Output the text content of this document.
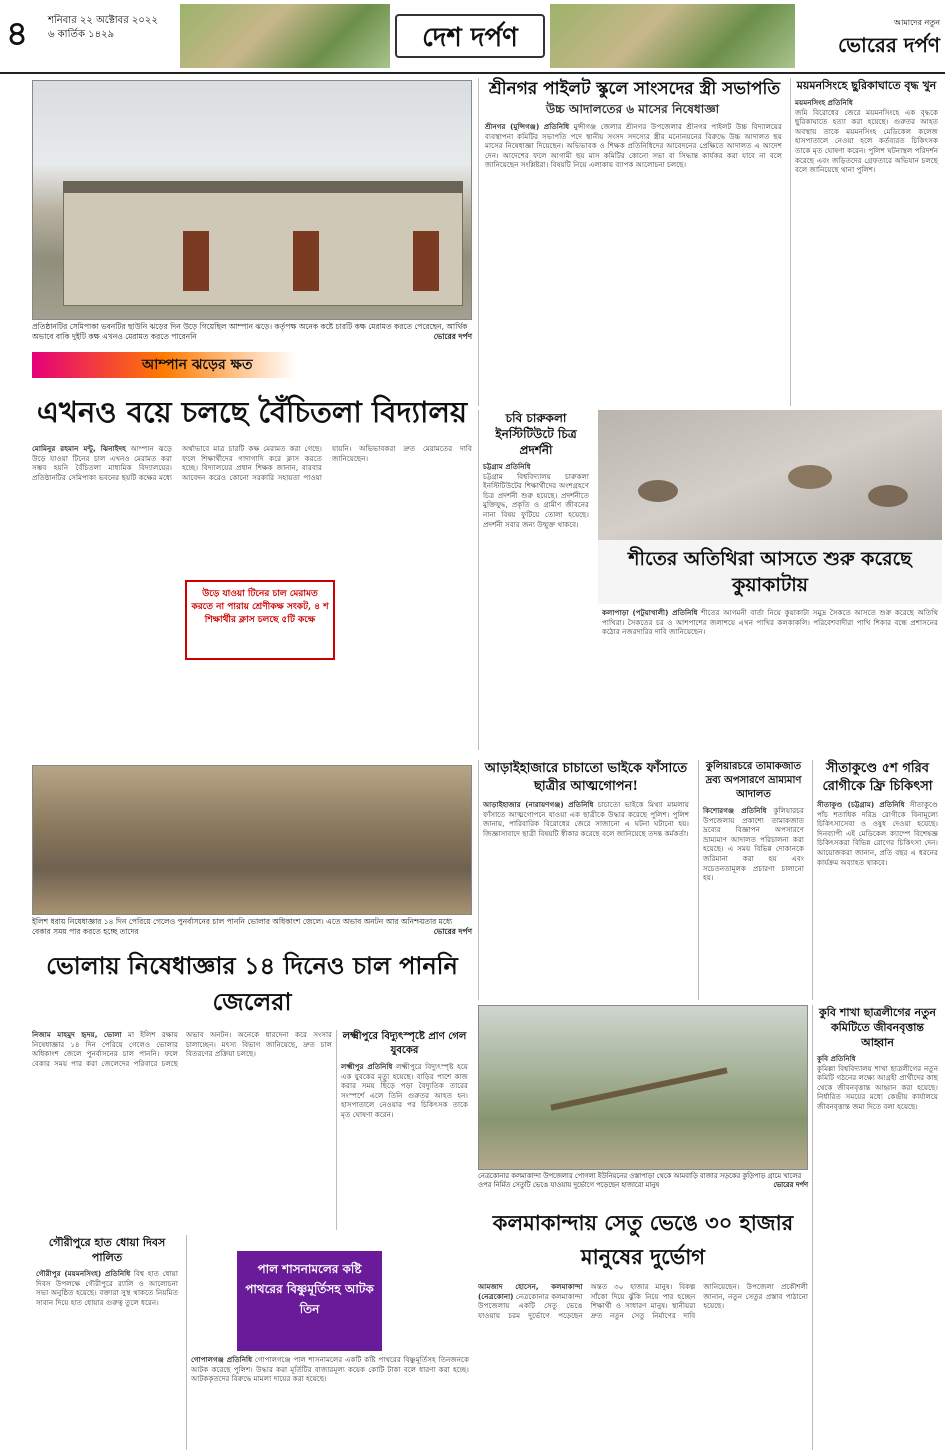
৪	শনিবার ২২ অক্টোবর ২০২২
৬ কার্তিক ১৪২৯	দেশ দর্পণ
আমাদের নতুন
ভোরের দর্পণ
প্রতিষ্ঠানটির সেমিপাকা ভবনটির ছাউনি ঝড়ের দিন উড়ে গিয়েছিল আম্পান ঝড়ে। কর্তৃপক্ষ অনেক কষ্টে চারটি কক্ষ মেরামত করতে পেরেছেন, আর্থিক অভাবে বাকি দুইটি কক্ষ এখনও মেরামত করতে পারেননি	ভোরের দর্পণ
শ্রীনগর পাইলট স্কুলে সাংসদের স্ত্রী সভাপতি
উচ্চ আদালতের ৬ মাসের নিষেধাজ্ঞা
শ্রীনগর (মুন্সিগঞ্জ) প্রতিনিধি মুন্সীগঞ্জ জেলার শ্রীনগর উপজেলার শ্রীনগর পাইলট উচ্চ বিদ্যালয়ের ব্যবস্থাপনা কমিটির সভাপতি পদে স্থানীয় সংসদ সদস্যের স্ত্রীর মনোনয়নের বিরুদ্ধে উচ্চ আদালত ছয় মাসের নিষেধাজ্ঞা দিয়েছেন। অভিভাবক ও শিক্ষক প্রতিনিধিদের আবেদনের প্রেক্ষিতে আদালত এ আদেশ দেন। আদেশের ফলে আগামী ছয় মাস কমিটির কোনো সভা বা সিদ্ধান্ত কার্যকর করা যাবে না বলে জানিয়েছেন সংশ্লিষ্টরা। বিষয়টি নিয়ে এলাকায় ব্যাপক আলোচনা চলছে।
ময়মনসিংহে ছুরিকাঘাতে বৃদ্ধ খুন
ময়মনসিংহ প্রতিনিধি
জমি বিরোধের জেরে ময়মনসিংহে এক বৃদ্ধকে ছুরিকাঘাতে হত্যা করা হয়েছে। গুরুতর আহত অবস্থায় তাকে ময়মনসিংহ মেডিকেল কলেজ হাসপাতালে নেওয়া হলে কর্তব্যরত চিকিৎসক তাকে মৃত ঘোষণা করেন। পুলিশ ঘটনাস্থল পরিদর্শন করেছে এবং জড়িতদের গ্রেফতারে অভিযান চলছে বলে জানিয়েছে থানা পুলিশ।
চবি চারুকলা ইনস্টিটিউটে চিত্র প্রদর্শনী
চট্টগ্রাম প্রতিনিধি
চট্টগ্রাম বিশ্ববিদ্যালয় চারুকলা ইনস্টিটিউটের শিক্ষার্থীদের অংশগ্রহণে চিত্র প্রদর্শনী শুরু হয়েছে। প্রদর্শনীতে মুক্তিযুদ্ধ, প্রকৃতি ও গ্রামীণ জীবনের নানা বিষয় ফুটিয়ে তোলা হয়েছে। প্রদর্শনী সবার জন্য উন্মুক্ত থাকবে।
শীতের অতিথিরা আসতে শুরু করেছে কুয়াকাটায়
কলাপাড়া (পটুয়াখালী) প্রতিনিধি শীতের আগমনী বার্তা নিয়ে কুয়াকাটা সমুদ্র সৈকতে আসতে শুরু করেছে অতিথি পাখিরা। সৈকতের চর ও আশপাশের জলাশয়ে এখন পাখির কলকাকলি। পরিবেশবাদীরা পাখি শিকার বন্ধে প্রশাসনের কঠোর নজরদারির দাবি জানিয়েছেন।
আম্পান ঝড়ের ক্ষত
এখনও বয়ে চলছে বৈঁচিতলা বিদ্যালয়
মোমিনুর রহমান মন্টু, ঝিনাইদহ আম্পান ঝড়ে উড়ে যাওয়া টিনের চাল এখনও মেরামত করা সম্ভব হয়নি বৈঁচিতলা মাধ্যমিক বিদ্যালয়ের। প্রতিষ্ঠানটির সেমিপাকা ভবনের ছয়টি কক্ষের মধ্যে অর্থাভাবে মাত্র চারটি কক্ষ মেরামত করা গেছে। ফলে শিক্ষার্থীদের গাদাগাদি করে ক্লাস করতে হচ্ছে। বিদ্যালয়ের প্রধান শিক্ষক জানান, বারবার আবেদন করেও কোনো সরকারি সহায়তা পাওয়া যায়নি। অভিভাবকরা দ্রুত মেরামতের দাবি জানিয়েছেন।
উড়ে যাওয়া টিনের চাল মেরামত করতে না পারায় শ্রেণীকক্ষ সংকট, ৪ শ শিক্ষার্থীর ক্লাস চলছে ৫টি কক্ষে
ইলিশ ধরায় নিষেধাজ্ঞার ১৪ দিন পেরিয়ে গেলেও পুনর্বাসনের চাল পাননি ভোলার অধিকাংশ জেলে। এতে অভাব অনটন আর অনিশ্চয়তার মধ্যে বেকার সময় পার করতে হচ্ছে তাদের	ভোরের দর্পণ
আড়াইহাজারে চাচাতো ভাইকে ফাঁসাতে ছাত্রীর আত্মগোপন!
আড়াইহাজার (নারায়ণগঞ্জ) প্রতিনিধি চাচাতো ভাইকে মিথ্যা মামলায় ফাঁসাতে আত্মগোপনে যাওয়া এক ছাত্রীকে উদ্ধার করেছে পুলিশ। পুলিশ জানায়, পারিবারিক বিরোধের জেরে সাজানো এ ঘটনা ঘটানো হয়। জিজ্ঞাসাবাদে ছাত্রী বিষয়টি স্বীকার করেছে বলে জানিয়েছে তদন্ত কর্মকর্তা।
কুলিয়ারচরে তামাকজাত দ্রব্য অপসারণে ভ্রাম্যমাণ আদালত
কিশোরগঞ্জ প্রতিনিধি কুলিয়ারচর উপজেলায় প্রকাশ্যে তামাকজাত দ্রব্যের বিজ্ঞাপন অপসারণে ভ্রাম্যমাণ আদালত পরিচালনা করা হয়েছে। এ সময় বিভিন্ন দোকানকে জরিমানা করা হয় এবং সচেতনতামূলক প্রচারণা চালানো হয়।
সীতাকুণ্ডে ৫শ গরিব রোগীকে ফ্রি চিকিৎসা
সীতাকুণ্ড (চট্টগ্রাম) প্রতিনিধি সীতাকুণ্ডে পাঁচ শতাধিক দরিদ্র রোগীকে বিনামূল্যে চিকিৎসাসেবা ও ওষুধ দেওয়া হয়েছে। দিনব্যাপী এই মেডিকেল ক্যাম্পে বিশেষজ্ঞ চিকিৎসকরা বিভিন্ন রোগের চিকিৎসা দেন। আয়োজকরা জানান, প্রতি বছর এ ধরনের কার্যক্রম অব্যাহত থাকবে।
ভোলায় নিষেধাজ্ঞার ১৪ দিনেও চাল পাননি জেলেরা
নিজাম মাহমুদ হৃদয়, ভোলা মা ইলিশ রক্ষায় নিষেধাজ্ঞার ১৪ দিন পেরিয়ে গেলেও ভোলার অধিকাংশ জেলে পুনর্বাসনের চাল পাননি। ফলে বেকার সময় পার করা জেলেদের পরিবারে চলছে অভাব অনটন। অনেকে ধারদেনা করে সংসার চালাচ্ছেন। মৎস্য বিভাগ জানিয়েছে, দ্রুত চাল বিতরণের প্রক্রিয়া চলছে।
লক্ষ্মীপুরে বিদ্যুৎস্পৃষ্টে প্রাণ গেল যুবকের
লক্ষ্মীপুর প্রতিনিধি লক্ষ্মীপুরে বিদ্যুৎস্পৃষ্ট হয়ে এক যুবকের মৃত্যু হয়েছে। বাড়ির পাশে কাজ করার সময় ছিঁড়ে পড়া বৈদ্যুতিক তারের সংস্পর্শে এলে তিনি গুরুতর আহত হন। হাসপাতালে নেওয়ার পর চিকিৎসক তাকে মৃত ঘোষণা করেন।
গৌরীপুরে হাত ধোয়া দিবস পালিত
গৌরীপুর (ময়মনসিংহ) প্রতিনিধি বিশ্ব হাত ধোয়া দিবস উপলক্ষে গৌরীপুরে র‌্যালি ও আলোচনা সভা অনুষ্ঠিত হয়েছে। বক্তারা সুস্থ থাকতে নিয়মিত সাবান দিয়ে হাত ধোয়ার গুরুত্ব তুলে ধরেন।
পাল শাসনামলের কষ্টি পাথরের বিষ্ণুমূর্তিসহ আটক তিন
গোপালগঞ্জ প্রতিনিধি গোপালগঞ্জে পাল শাসনামলের একটি কষ্টি পাথরের বিষ্ণুমূর্তিসহ তিনজনকে আটক করেছে পুলিশ। উদ্ধার করা মূর্তিটির বাজারমূল্য কয়েক কোটি টাকা বলে ধারণা করা হচ্ছে। আটককৃতদের বিরুদ্ধে মামলা দায়ের করা হয়েছে।
নেত্রকোনার কলমাকান্দা উপজেলার পোগলা ইউনিয়নের ওস্তাপাড়া থেকে আমবাড়ি বাজার সড়কের কুড়িপাড় গ্রামে খালের ওপর নির্মিত সেতুটি ভেঙে যাওয়ায় দুর্ভোগে পড়েছেন হাজারো মানুষ	ভোরের দর্পণ
কুবি শাখা ছাত্রলীগের নতুন কমিটিতে জীবনবৃত্তান্ত আহ্বান
কুবি প্রতিনিধি
কুমিল্লা বিশ্ববিদ্যালয় শাখা ছাত্রলীগের নতুন কমিটি গঠনের লক্ষ্যে আগ্রহী প্রার্থীদের কাছ থেকে জীবনবৃত্তান্ত আহ্বান করা হয়েছে। নির্ধারিত সময়ের মধ্যে কেন্দ্রীয় কার্যালয়ে জীবনবৃত্তান্ত জমা দিতে বলা হয়েছে।
কলমাকান্দায় সেতু ভেঙে ৩০ হাজার মানুষের দুর্ভোগ
আমজাদ হোসেন, কলমাকান্দা (নেত্রকোনা) নেত্রকোনার কলমাকান্দা উপজেলায় একটি সেতু ভেঙে যাওয়ায় চরম দুর্ভোগে পড়েছেন অন্তত ৩০ হাজার মানুষ। বিকল্প সাঁকো দিয়ে ঝুঁকি নিয়ে পার হচ্ছেন শিক্ষার্থী ও সাধারণ মানুষ। স্থানীয়রা দ্রুত নতুন সেতু নির্মাণের দাবি জানিয়েছেন। উপজেলা প্রকৌশলী জানান, নতুন সেতুর প্রস্তাব পাঠানো হয়েছে।
